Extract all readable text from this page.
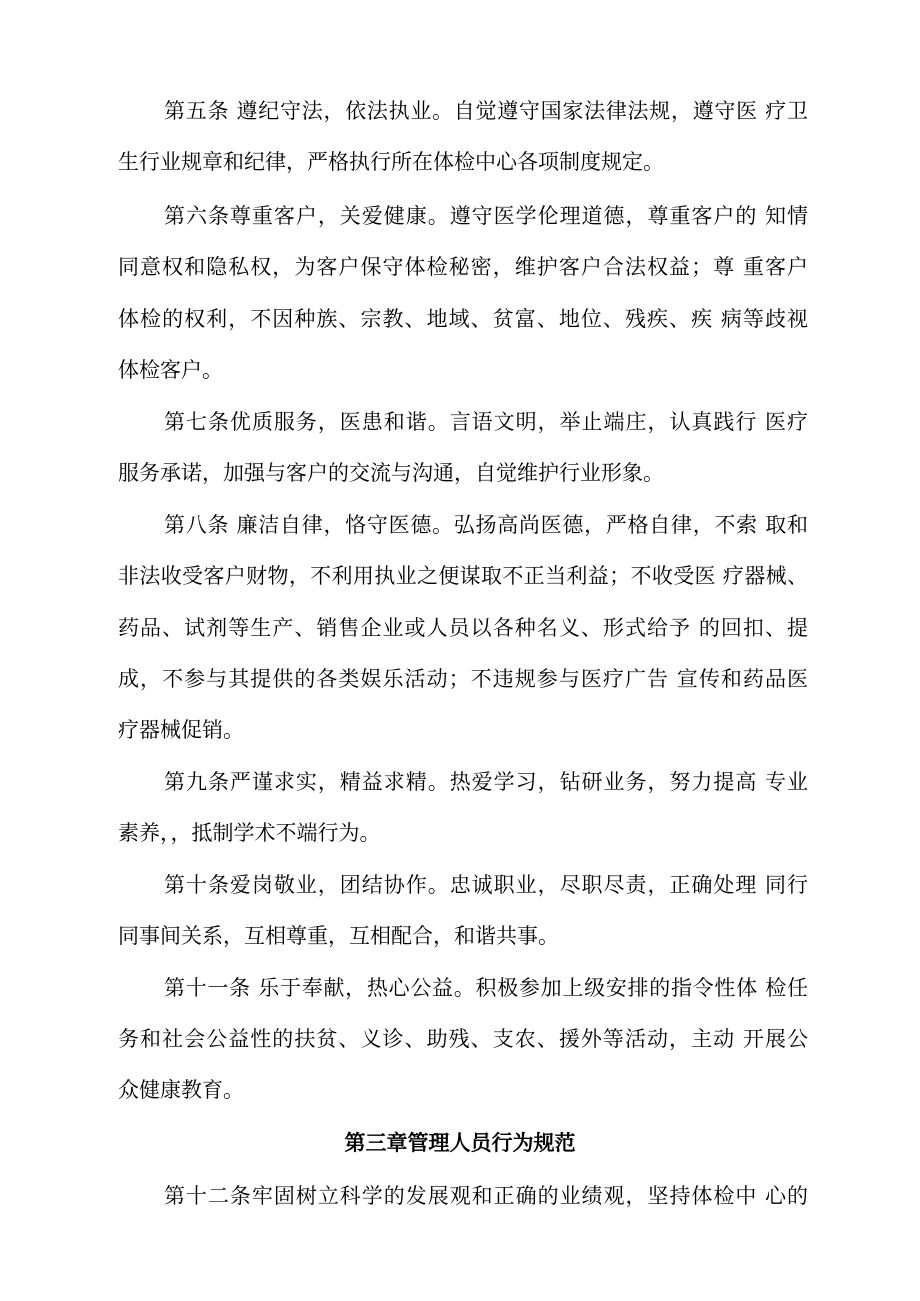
第五条 遵纪守法，依法执业。自觉遵守国家法律法规，遵守医 疗卫
生行业规章和纪律，严格执行所在体检中心各项制度规定。
第六条尊重客户，关爱健康。遵守医学伦理道德，尊重客户的 知情
同意权和隐私权，为客户保守体检秘密，维护客户合法权益；尊 重客户
体检的权利，不因种族、宗教、地域、贫富、地位、残疾、疾 病等歧视
体检客户。
第七条优质服务，医患和谐。言语文明，举止端庄，认真践行 医疗
服务承诺，加强与客户的交流与沟通，自觉维护行业形象。
第八条 廉洁自律，恪守医德。弘扬高尚医德，严格自律，不索 取和
非法收受客户财物，不利用执业之便谋取不正当利益；不收受医 疗器械、
药品、试剂等生产、销售企业或人员以各种名义、形式给予 的回扣、提
成，不参与其提供的各类娱乐活动；不违规参与医疗广告 宣传和药品医
疗器械促销。
第九条严谨求实，精益求精。热爱学习，钻研业务，努力提高 专业
素养，，抵制学术不端行为。
第十条爱岗敬业，团结协作。忠诚职业，尽职尽责，正确处理 同行
同事间关系，互相尊重，互相配合，和谐共事。
第十一条 乐于奉献，热心公益。积极参加上级安排的指令性体 检任
务和社会公益性的扶贫、义诊、助残、支农、援外等活动，主动 开展公
众健康教育。
第三章管理人员行为规范
第十二条牢固树立科学的发展观和正确的业绩观，坚持体检中 心的
